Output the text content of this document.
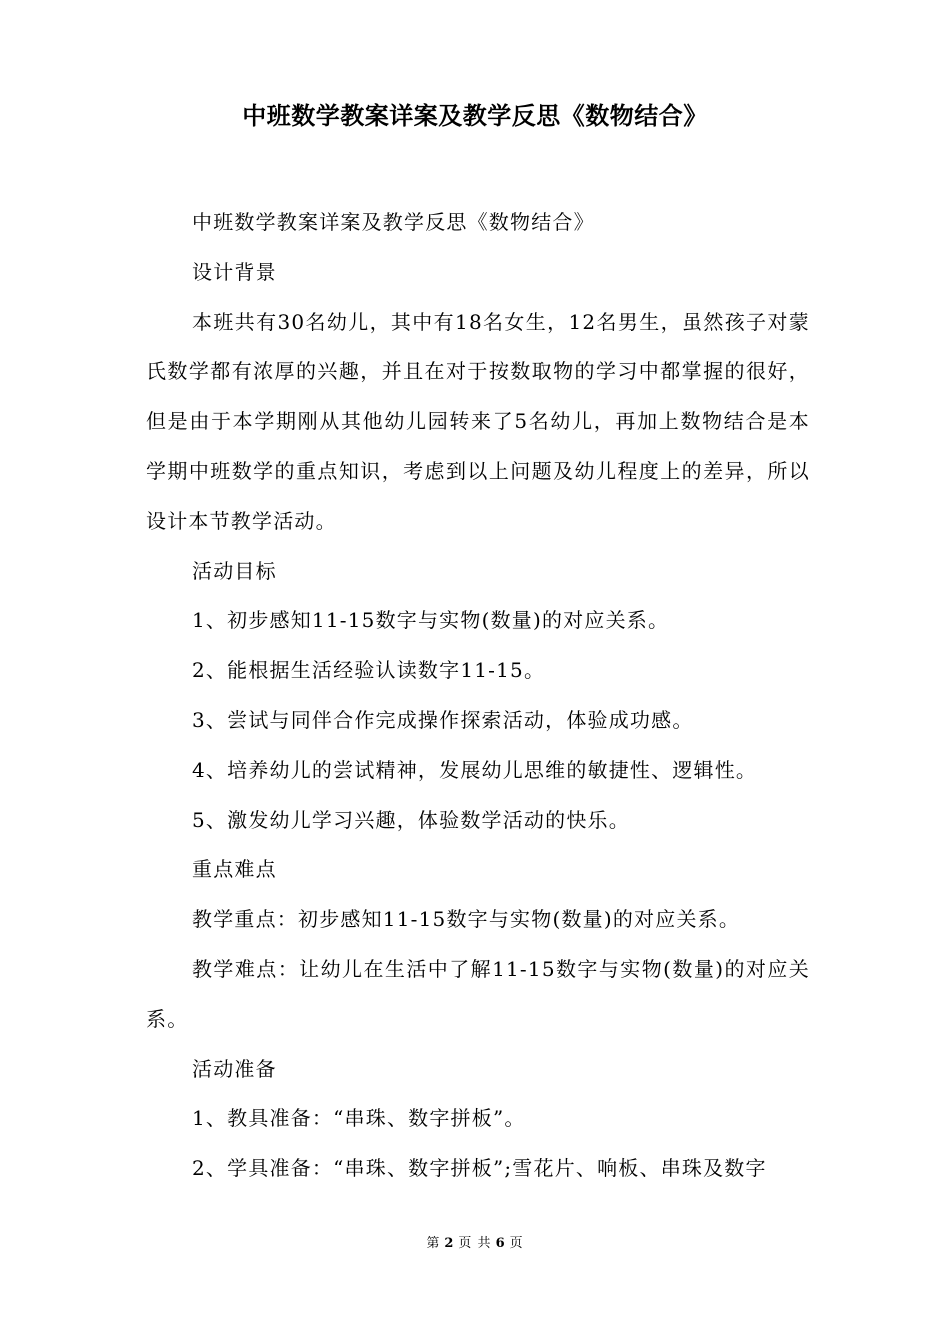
中班数学教案详案及教学反思《数物结合》

中班数学教案详案及教学反思《数物结合》

设计背景

本班共有30名幼儿，其中有18名女生，12名男生，虽然孩子对蒙氏数学都有浓厚的兴趣，并且在对于按数取物的学习中都掌握的很好，但是由于本学期刚从其他幼儿园转来了5名幼儿，再加上数物结合是本学期中班数学的重点知识，考虑到以上问题及幼儿程度上的差异，所以设计本节教学活动。

活动目标

1、初步感知11-15数字与实物(数量)的对应关系。

2、能根据生活经验认读数字11-15。

3、尝试与同伴合作完成操作探索活动，体验成功感。

4、培养幼儿的尝试精神，发展幼儿思维的敏捷性、逻辑性。

5、激发幼儿学习兴趣，体验数学活动的快乐。

重点难点

教学重点：初步感知11-15数字与实物(数量)的对应关系。

教学难点：让幼儿在生活中了解11-15数字与实物(数量)的对应关系。

活动准备

1、教具准备：“串珠、数字拼板”。

2、学具准备：“串珠、数字拼板”;雪花片、响板、串珠及数字

第 2 页 共 6 页
